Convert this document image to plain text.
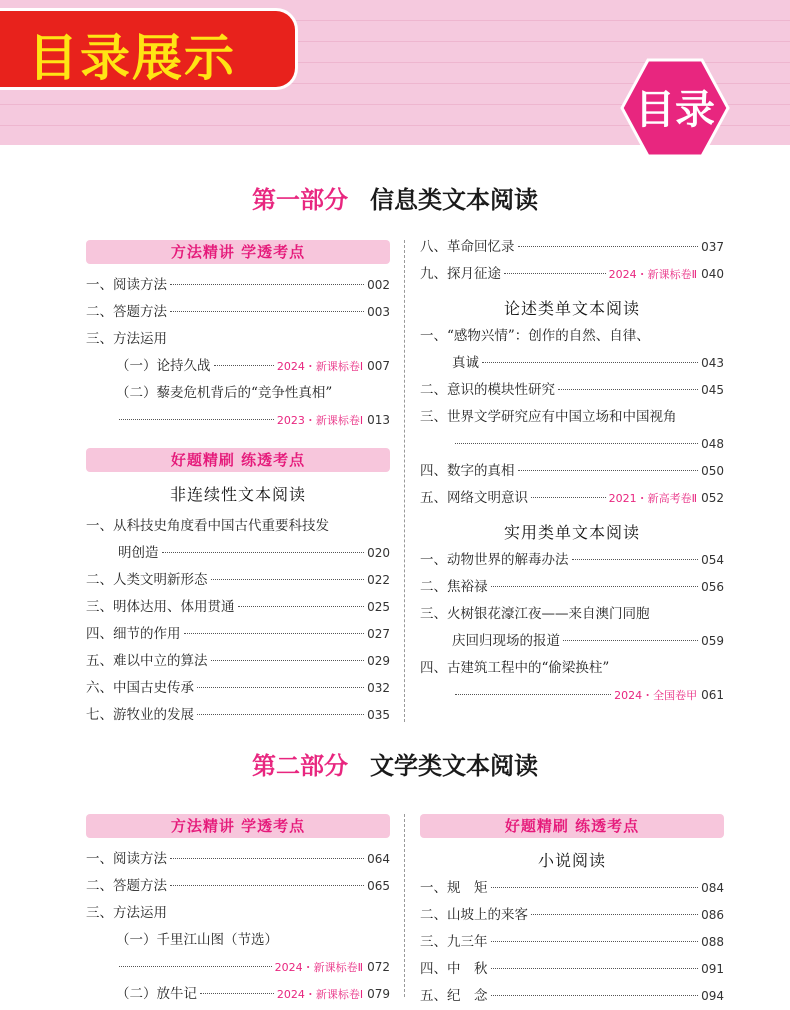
目录展示
目录
第一部分 信息类文本阅读
方法精讲 学透考点
一、阅读方法	002
二、答题方法	003
三、方法运用
（一）论持久战	2024・新课标卷Ⅰ 007
（二）藜麦危机背后的“竞争性真相”
2023・新课标卷Ⅰ 013
好题精刷 练透考点
非连续性文本阅读
一、从科技史角度看中国古代重要科技发
明创造	020
二、人类文明新形态	022
三、明体达用、体用贯通	025
四、细节的作用	027
五、难以中立的算法	029
六、中国古史传承	032
七、游牧业的发展	035
八、革命回忆录	037
九、探月征途	2024・新课标卷Ⅱ 040
论述类单文本阅读
一、“感物兴情”：创作的自然、自律、
真诚	043
二、意识的模块性研究	045
三、世界文学研究应有中国立场和中国视角
048
四、数字的真相	050
五、网络文明意识	2021・新高考卷Ⅱ 052
实用类单文本阅读
一、动物世界的解毒办法	054
二、焦裕禄	056
三、火树银花濠江夜——来自澳门同胞
庆回归现场的报道	059
四、古建筑工程中的“偷梁换柱”
2024・全国卷甲 061
第二部分 文学类文本阅读
方法精讲 学透考点
一、阅读方法	064
二、答题方法	065
三、方法运用
（一）千里江山图（节选）
2024・新课标卷Ⅱ 072
（二）放牛记	2024・新课标卷Ⅰ 079
好题精刷 练透考点
小说阅读
一、规　矩	084
二、山坡上的来客	086
三、九三年	088
四、中　秋	091
五、纪　念	094
